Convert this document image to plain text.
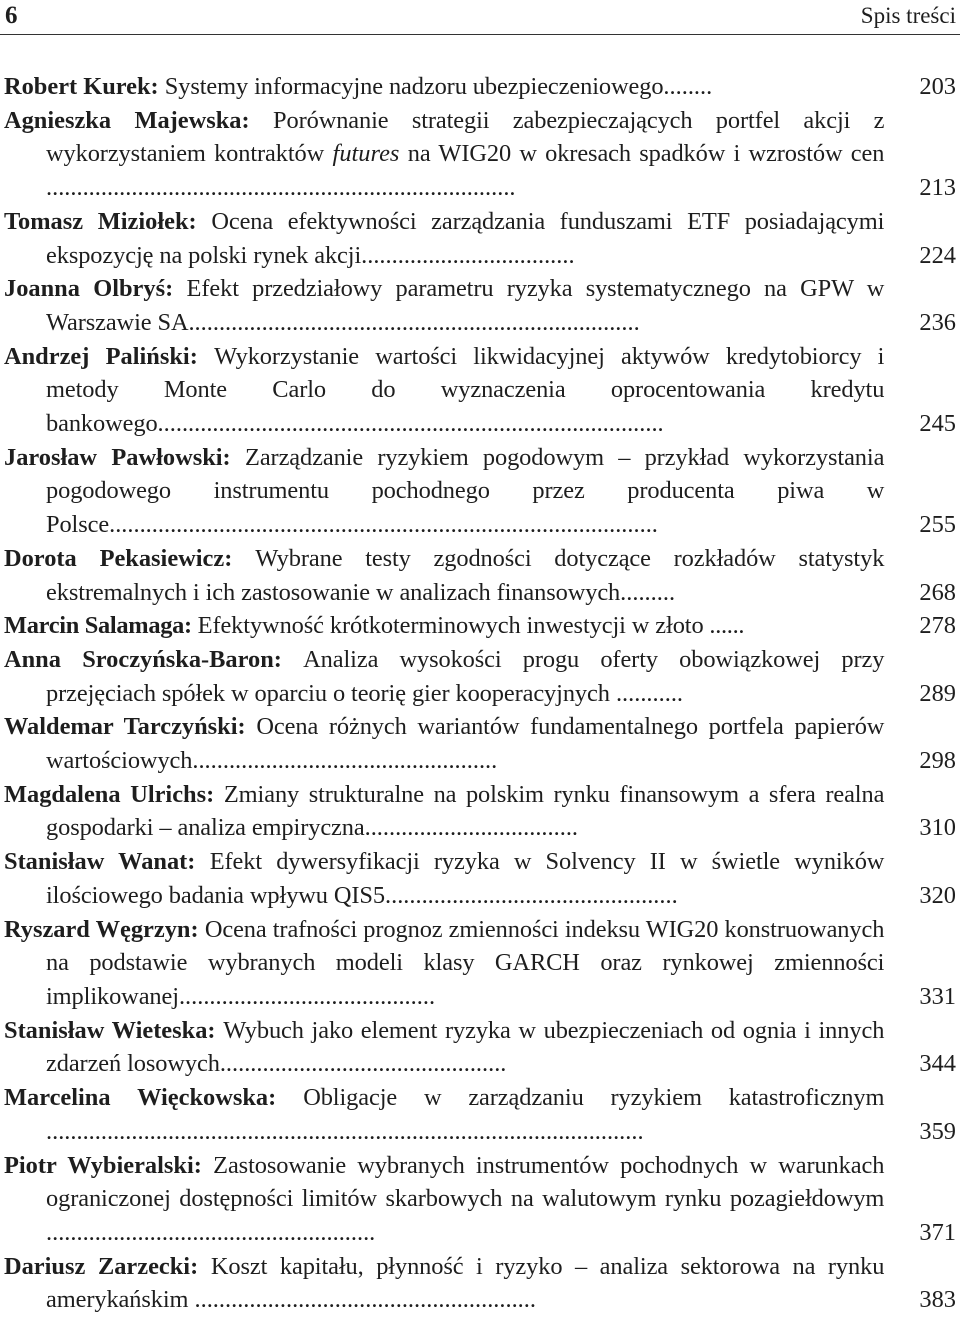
6	Spis treści
Robert Kurek: Systemy informacyjne nadzoru ubezpieczeniowego........	203
Agnieszka Majewska: Porównanie strategii zabezpieczających portfel akcji z wykorzystaniem kontraktów futures na WIG20 w okresach spadków i wzrostów cen .............................................................................	213
Tomasz Miziołek: Ocena efektywności zarządzania funduszami ETF posiadającymi ekspozycję na polski rynek akcji...................................	224
Joanna Olbryś: Efekt przedziałowy parametru ryzyka systematycznego na GPW w Warszawie SA..........................................................................	236
Andrzej Paliński: Wykorzystanie wartości likwidacyjnej aktywów kredytobiorcy i metody Monte Carlo do wyznaczenia oprocentowania kredytu bankowego...................................................................................	245
Jarosław Pawłowski: Zarządzanie ryzykiem pogodowym – przykład wykorzystania pogodowego instrumentu pochodnego przez producenta piwa w Polsce..........................................................................................	255
Dorota Pekasiewicz: Wybrane testy zgodności dotyczące rozkładów statystyk ekstremalnych i ich zastosowanie w analizach finansowych.........	268
Marcin Salamaga: Efektywność krótkoterminowych inwestycji w złoto ......	278
Anna Sroczyńska-Baron: Analiza wysokości progu oferty obowiązkowej przy przejęciach spółek w oparciu o teorię gier kooperacyjnych ...........	289
Waldemar Tarczyński: Ocena różnych wariantów fundamentalnego portfela papierów wartościowych..................................................	298
Magdalena Ulrichs: Zmiany strukturalne na polskim rynku finansowym a sfera realna gospodarki – analiza empiryczna...................................	310
Stanisław Wanat: Efekt dywersyfikacji ryzyka w Solvency II w świetle wyników ilościowego badania wpływu QIS5................................................	320
Ryszard Węgrzyn: Ocena trafności prognoz zmienności indeksu WIG20 konstruowanych na podstawie wybranych modeli klasy GARCH oraz rynkowej zmienności implikowanej..........................................	331
Stanisław Wieteska: Wybuch jako element ryzyka w ubezpieczeniach od ognia i innych zdarzeń losowych...............................................	344
Marcelina Więckowska: Obligacje w zarządzaniu ryzykiem katastroficznym ..................................................................................................	359
Piotr Wybieralski: Zastosowanie wybranych instrumentów pochodnych w warunkach ograniczonej dostępności limitów skarbowych na walutowym rynku pozagiełdowym ......................................................	371
Dariusz Zarzecki: Koszt kapitału, płynność i ryzyko – analiza sektorowa na rynku amerykańskim ........................................................	383
